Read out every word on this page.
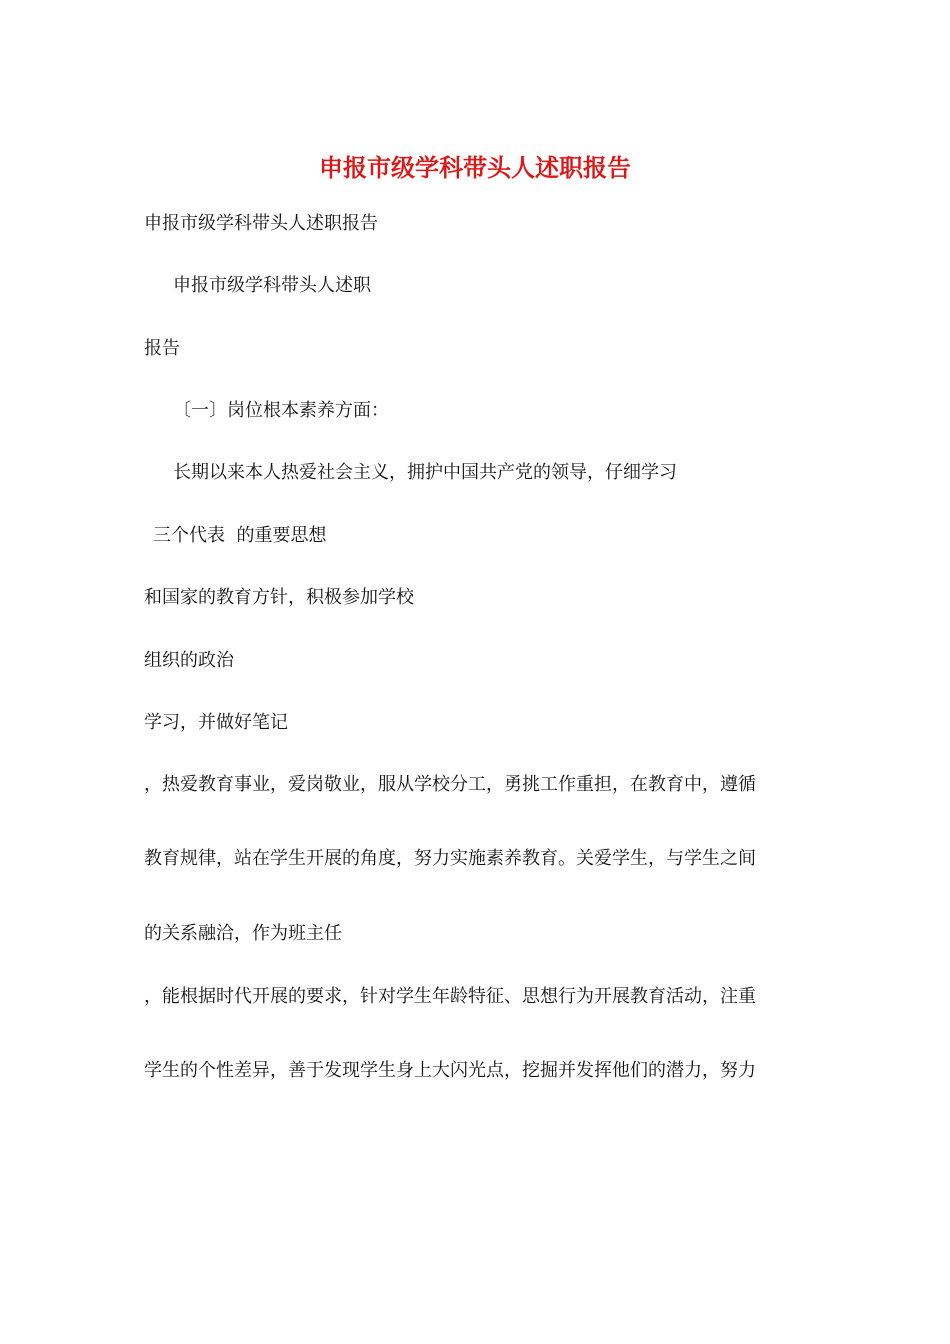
申报市级学科带头人述职报告
申报市级学科带头人述职报告
申报市级学科带头人述职
报告
〔一〕岗位根本素养方面：
长期以来本人热爱社会主义，拥护中国共产党的领导，仔细学习
三个代表  的重要思想
和国家的教育方针，积极参加学校
组织的政治
学习，并做好笔记
，热爱教育事业，爱岗敬业，服从学校分工，勇挑工作重担，在教育中，遵循
教育规律，站在学生开展的角度，努力实施素养教育。关爱学生，与学生之间
的关系融洽，作为班主任
，能根据时代开展的要求，针对学生年龄特征、思想行为开展教育活动，注重
学生的个性差异，善于发现学生身上大闪光点，挖掘并发挥他们的潜力，努力
